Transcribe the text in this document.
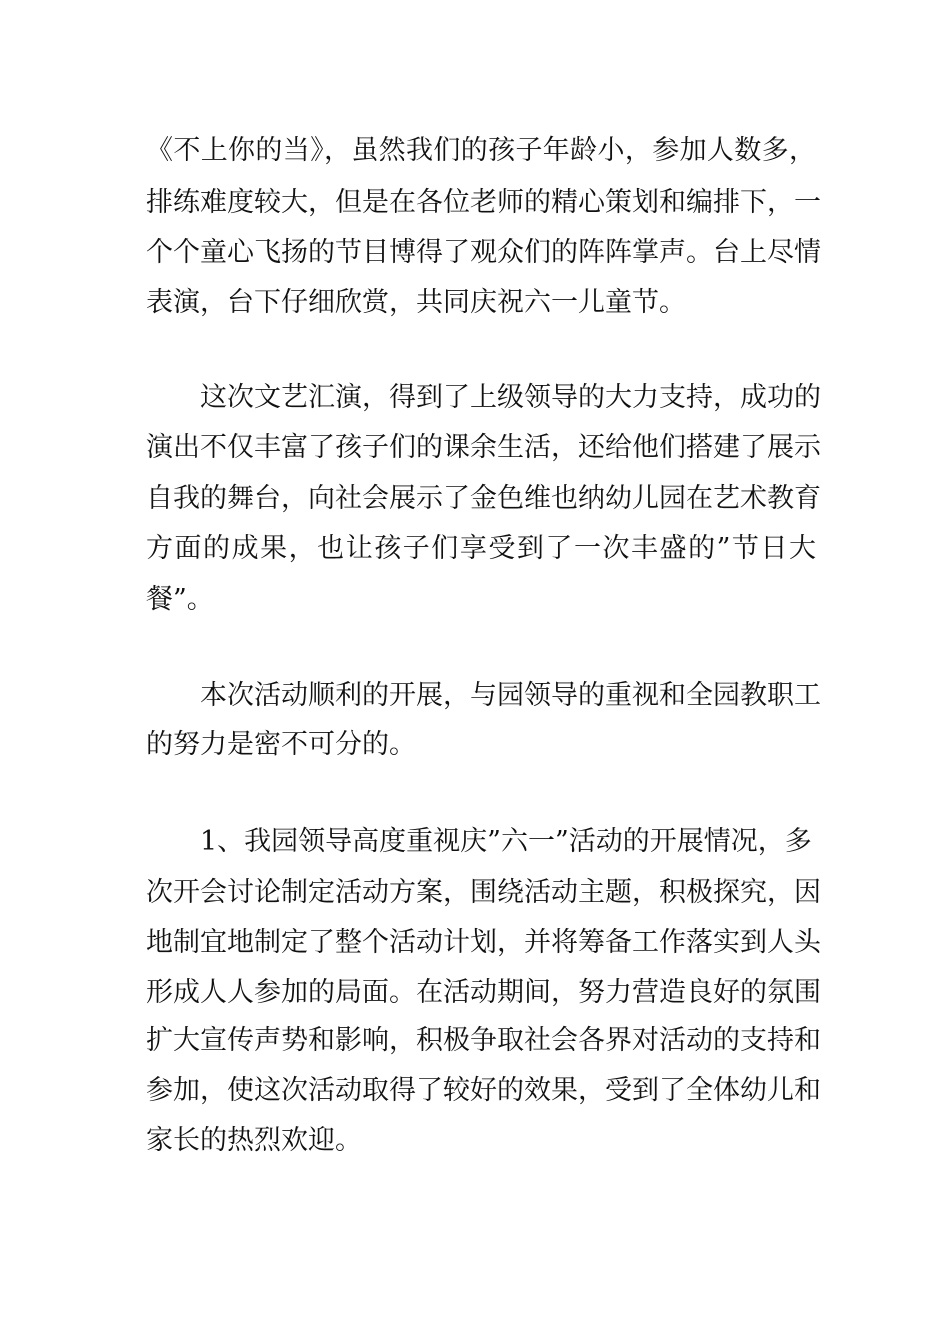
《不上你的当》，虽然我们的孩子年龄小，参加人数多，
排练难度较大，但是在各位老师的精心策划和编排下，一
个个童心飞扬的节目博得了观众们的阵阵掌声。台上尽情
表演，台下仔细欣赏，共同庆祝六一儿童节。
这次文艺汇演，得到了上级领导的大力支持，成功的
演出不仅丰富了孩子们的课余生活，还给他们搭建了展示
自我的舞台，向社会展示了金色维也纳幼儿园在艺术教育
方面的成果，也让孩子们享受到了一次丰盛的”节日大
餐”。
本次活动顺利的开展，与园领导的重视和全园教职工
的努力是密不可分的。
1、我园领导高度重视庆”六一”活动的开展情况，多
次开会讨论制定活动方案，围绕活动主题，积极探究，因
地制宜地制定了整个活动计划，并将筹备工作落实到人头
形成人人参加的局面。在活动期间，努力营造良好的氛围
扩大宣传声势和影响，积极争取社会各界对活动的支持和
参加，使这次活动取得了较好的效果，受到了全体幼儿和
家长的热烈欢迎。
